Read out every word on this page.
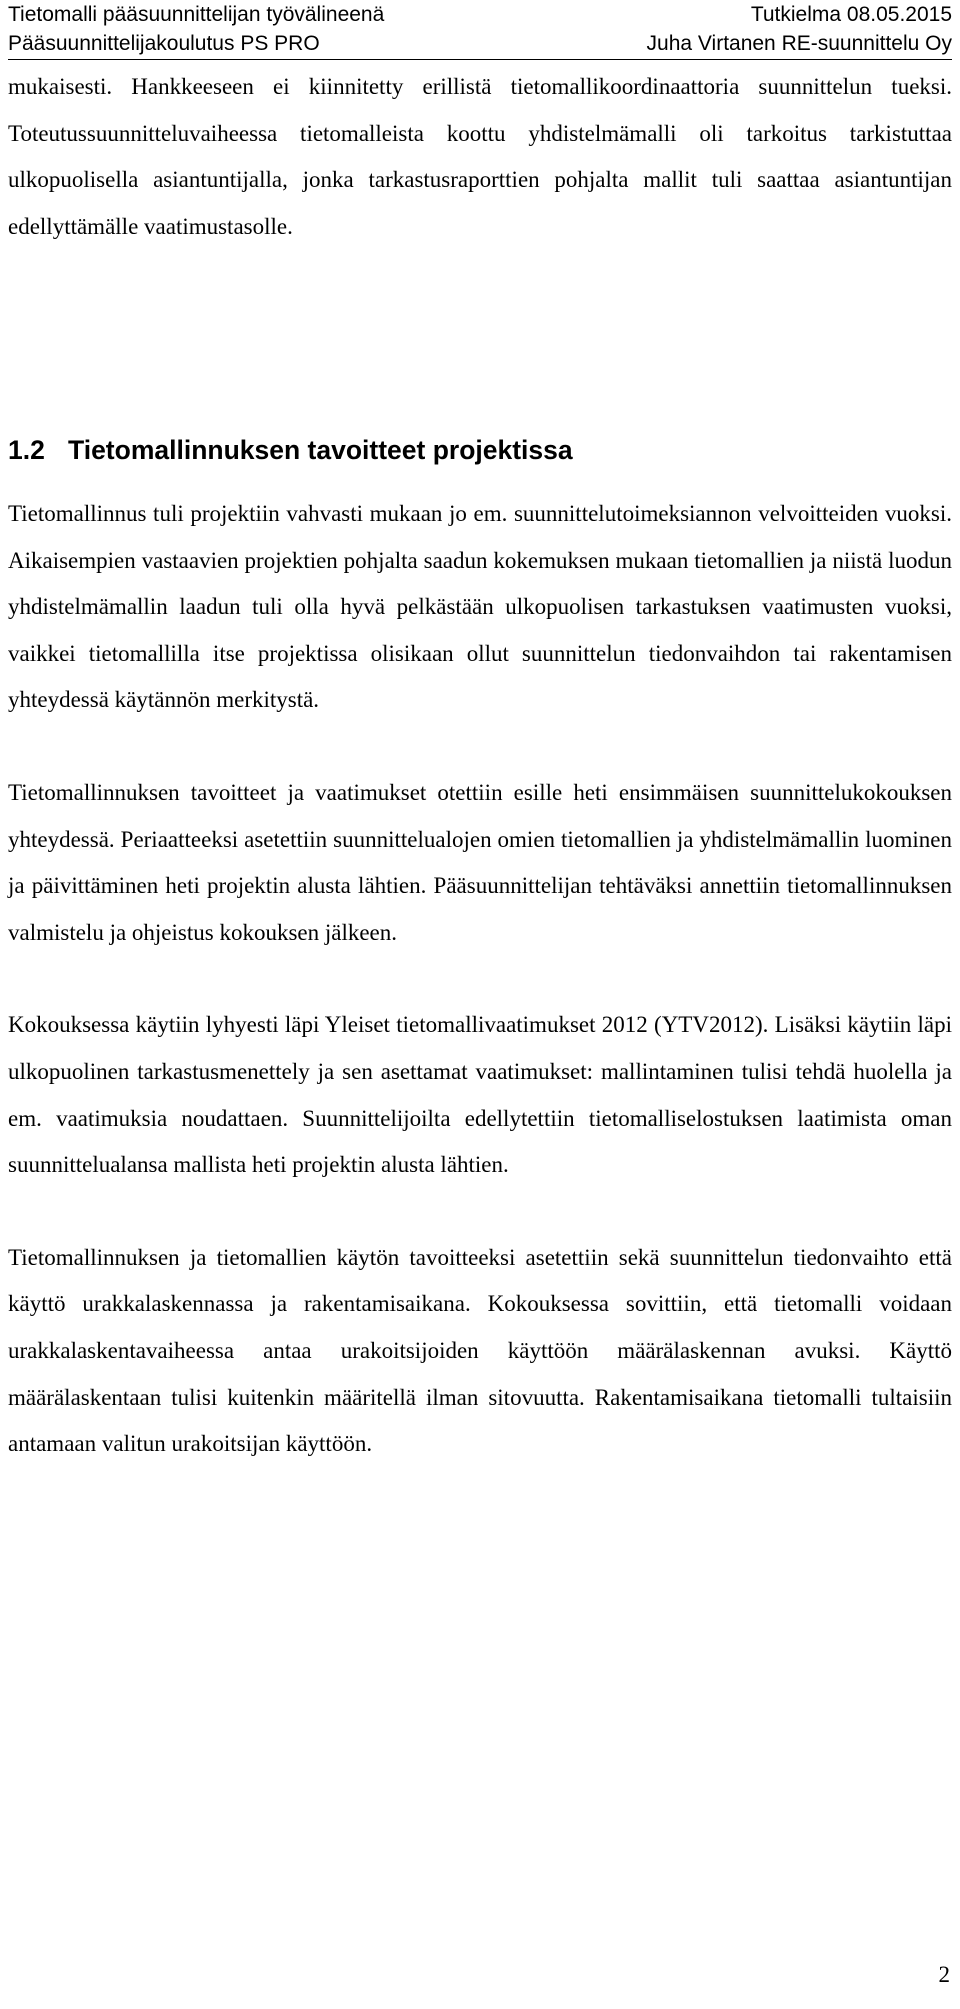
Tietomalli pääsuunnittelijan työvälineenä	Tutkielma 08.05.2015
Pääsuunnittelijakoulutus PS PRO	Juha Virtanen RE-suunnittelu Oy

mukaisesti. Hankkeeseen ei kiinnitetty erillistä tietomallikoordinaattoria suunnittelun tueksi. Toteutussuunnitteluvaiheessa tietomalleista koottu yhdistelmämalli oli tarkoitus tarkistuttaa ulkopuolisella asiantuntijalla, jonka tarkastusraporttien pohjalta mallit tuli saattaa asiantuntijan edellyttämälle vaatimustasolle.

1.2 Tietomallinnuksen tavoitteet projektissa

Tietomallinnus tuli projektiin vahvasti mukaan jo em. suunnittelutoimeksiannon velvoitteiden vuoksi. Aikaisempien vastaavien projektien pohjalta saadun kokemuksen mukaan tietomallien ja niistä luodun yhdistelmämallin laadun tuli olla hyvä pelkästään ulkopuolisen tarkastuksen vaatimusten vuoksi, vaikkei tietomallilla itse projektissa olisikaan ollut suunnittelun tiedonvaihdon tai rakentamisen yhteydessä käytännön merkitystä.

Tietomallinnuksen tavoitteet ja vaatimukset otettiin esille heti ensimmäisen suunnittelukokouksen yhteydessä. Periaatteeksi asetettiin suunnittelualojen omien tietomallien ja yhdistelmämallin luominen ja päivittäminen heti projektin alusta lähtien. Pääsuunnittelijan tehtäväksi annettiin tietomallinnuksen valmistelu ja ohjeistus kokouksen jälkeen.

Kokouksessa käytiin lyhyesti läpi Yleiset tietomallivaatimukset 2012 (YTV2012). Lisäksi käytiin läpi ulkopuolinen tarkastusmenettely ja sen asettamat vaatimukset: mallintaminen tulisi tehdä huolella ja em. vaatimuksia noudattaen. Suunnittelijoilta edellytettiin tietomalliselostuksen laatimista oman suunnittelualansa mallista heti projektin alusta lähtien.

Tietomallinnuksen ja tietomallien käytön tavoitteeksi asetettiin sekä suunnittelun tiedonvaihto että käyttö urakkalaskennassa ja rakentamisaikana. Kokouksessa sovittiin, että tietomalli voidaan urakkalaskentavaiheessa antaa urakoitsijoiden käyttöön määrälaskennan avuksi. Käyttö määrälaskentaan tulisi kuitenkin määritellä ilman sitovuutta. Rakentamisaikana tietomalli tultaisiin antamaan valitun urakoitsijan käyttöön.

2
